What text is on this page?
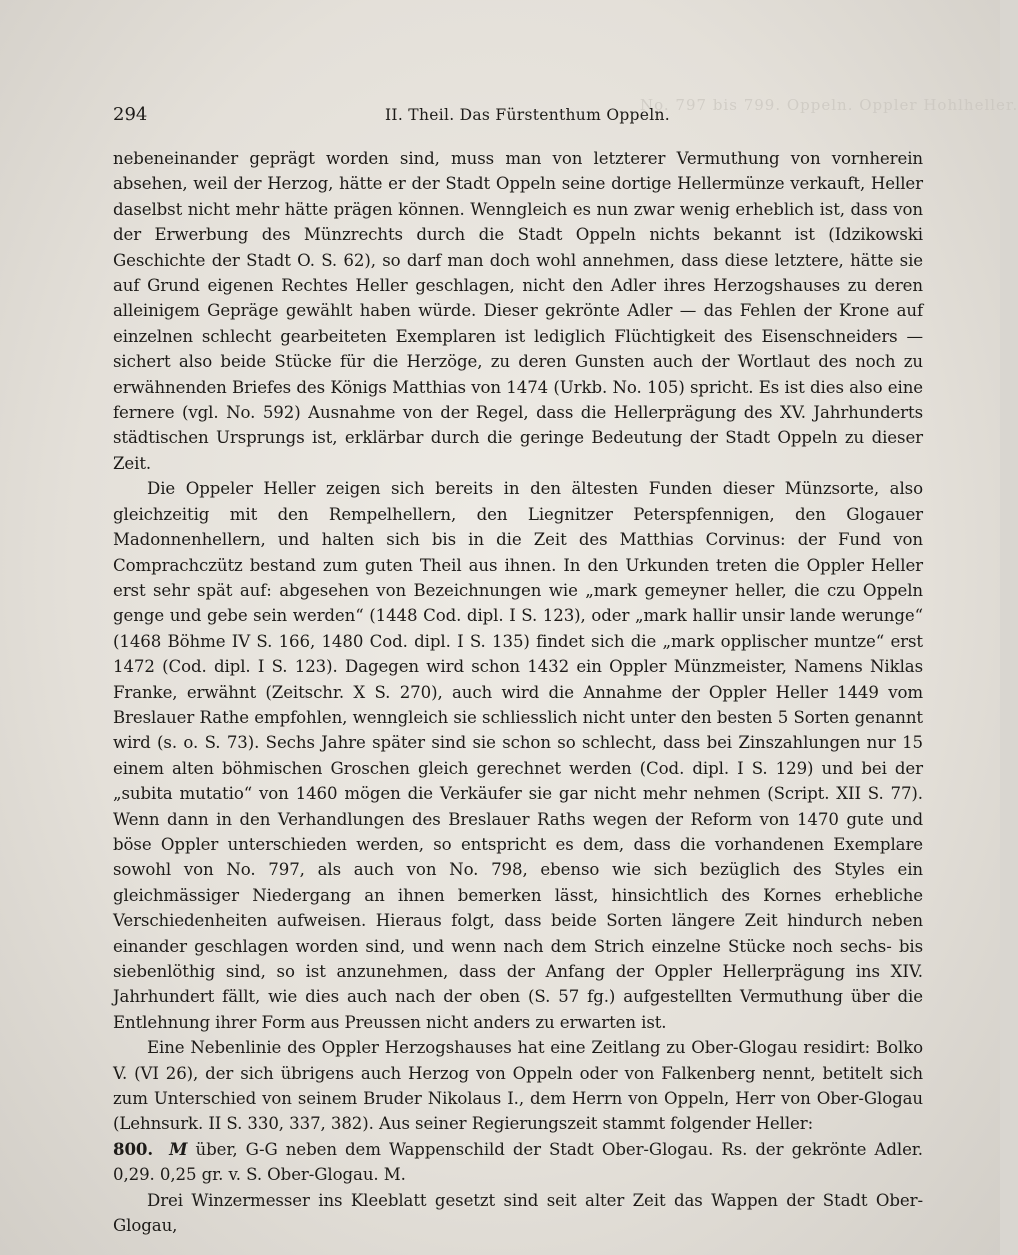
No. 797 bis 799. Oppeln. Oppler Hohlheller.
294	II. Theil. Das Fürstenthum Oppeln.

nebeneinander geprägt worden sind, muss man von letzterer Vermuthung von vornherein absehen, weil der Herzog, hätte er der Stadt Oppeln seine dortige Hellermünze verkauft, Heller daselbst nicht mehr hätte prägen können. Wenngleich es nun zwar wenig erheblich ist, dass von der Erwerbung des Münzrechts durch die Stadt Oppeln nichts bekannt ist (Idzikowski Geschichte der Stadt O. S. 62), so darf man doch wohl annehmen, dass diese letztere, hätte sie auf Grund eigenen Rechtes Heller geschlagen, nicht den Adler ihres Herzogshauses zu deren alleinigem Gepräge gewählt haben würde. Dieser gekrönte Adler — das Fehlen der Krone auf einzelnen schlecht gearbeiteten Exemplaren ist lediglich Flüchtigkeit des Eisenschneiders — sichert also beide Stücke für die Herzöge, zu deren Gunsten auch der Wortlaut des noch zu erwähnenden Briefes des Königs Matthias von 1474 (Urkb. No. 105) spricht. Es ist dies also eine fernere (vgl. No. 592) Ausnahme von der Regel, dass die Hellerprägung des XV. Jahrhunderts städtischen Ursprungs ist, erklärbar durch die geringe Bedeutung der Stadt Oppeln zu dieser Zeit.

Die Oppeler Heller zeigen sich bereits in den ältesten Funden dieser Münzsorte, also gleichzeitig mit den Rempelhellern, den Liegnitzer Peterspfennigen, den Glogauer Madonnenhellern, und halten sich bis in die Zeit des Matthias Corvinus: der Fund von Comprachczütz bestand zum guten Theil aus ihnen. In den Urkunden treten die Oppler Heller erst sehr spät auf: abgesehen von Bezeichnungen wie „mark gemeyner heller, die czu Oppeln genge und gebe sein werden“ (1448 Cod. dipl. I S. 123), oder „mark hallir unsir lande werunge“ (1468 Böhme IV S. 166, 1480 Cod. dipl. I S. 135) findet sich die „mark opplischer muntze“ erst 1472 (Cod. dipl. I S. 123). Dagegen wird schon 1432 ein Oppler Münzmeister, Namens Niklas Franke, erwähnt (Zeitschr. X S. 270), auch wird die Annahme der Oppler Heller 1449 vom Breslauer Rathe empfohlen, wenngleich sie schliesslich nicht unter den besten 5 Sorten genannt wird (s. o. S. 73). Sechs Jahre später sind sie schon so schlecht, dass bei Zinszahlungen nur 15 einem alten böhmischen Groschen gleich gerechnet werden (Cod. dipl. I S. 129) und bei der „subita mutatio“ von 1460 mögen die Verkäufer sie gar nicht mehr nehmen (Script. XII S. 77). Wenn dann in den Verhandlungen des Breslauer Raths wegen der Reform von 1470 gute und böse Oppler unterschieden werden, so entspricht es dem, dass die vorhandenen Exemplare sowohl von No. 797, als auch von No. 798, ebenso wie sich bezüglich des Styles ein gleichmässiger Niedergang an ihnen bemerken lässt, hinsichtlich des Kornes erhebliche Verschiedenheiten aufweisen. Hieraus folgt, dass beide Sorten längere Zeit hindurch neben einander geschlagen worden sind, und wenn nach dem Strich einzelne Stücke noch sechs- bis siebenlöthig sind, so ist anzunehmen, dass der Anfang der Oppler Hellerprägung ins XIV. Jahrhundert fällt, wie dies auch nach der oben (S. 57 fg.) aufgestellten Vermuthung über die Entlehnung ihrer Form aus Preussen nicht anders zu erwarten ist.

Eine Nebenlinie des Oppler Herzogshauses hat eine Zeitlang zu Ober-Glogau residirt: Bolko V. (VI 26), der sich übrigens auch Herzog von Oppeln oder von Falkenberg nennt, betitelt sich zum Unterschied von seinem Bruder Nikolaus I., dem Herrn von Oppeln, Herr von Ober-Glogau (Lehnsurk. II S. 330, 337, 382). Aus seiner Regierungszeit stammt folgender Heller:

800. M über, G-G neben dem Wappenschild der Stadt Ober-Glogau. Rs. der gekrönte Adler. 0,29. 0,25 gr. v. S. Ober-Glogau. M.

Drei Winzermesser ins Kleeblatt gesetzt sind seit alter Zeit das Wappen der Stadt Ober-Glogau,
